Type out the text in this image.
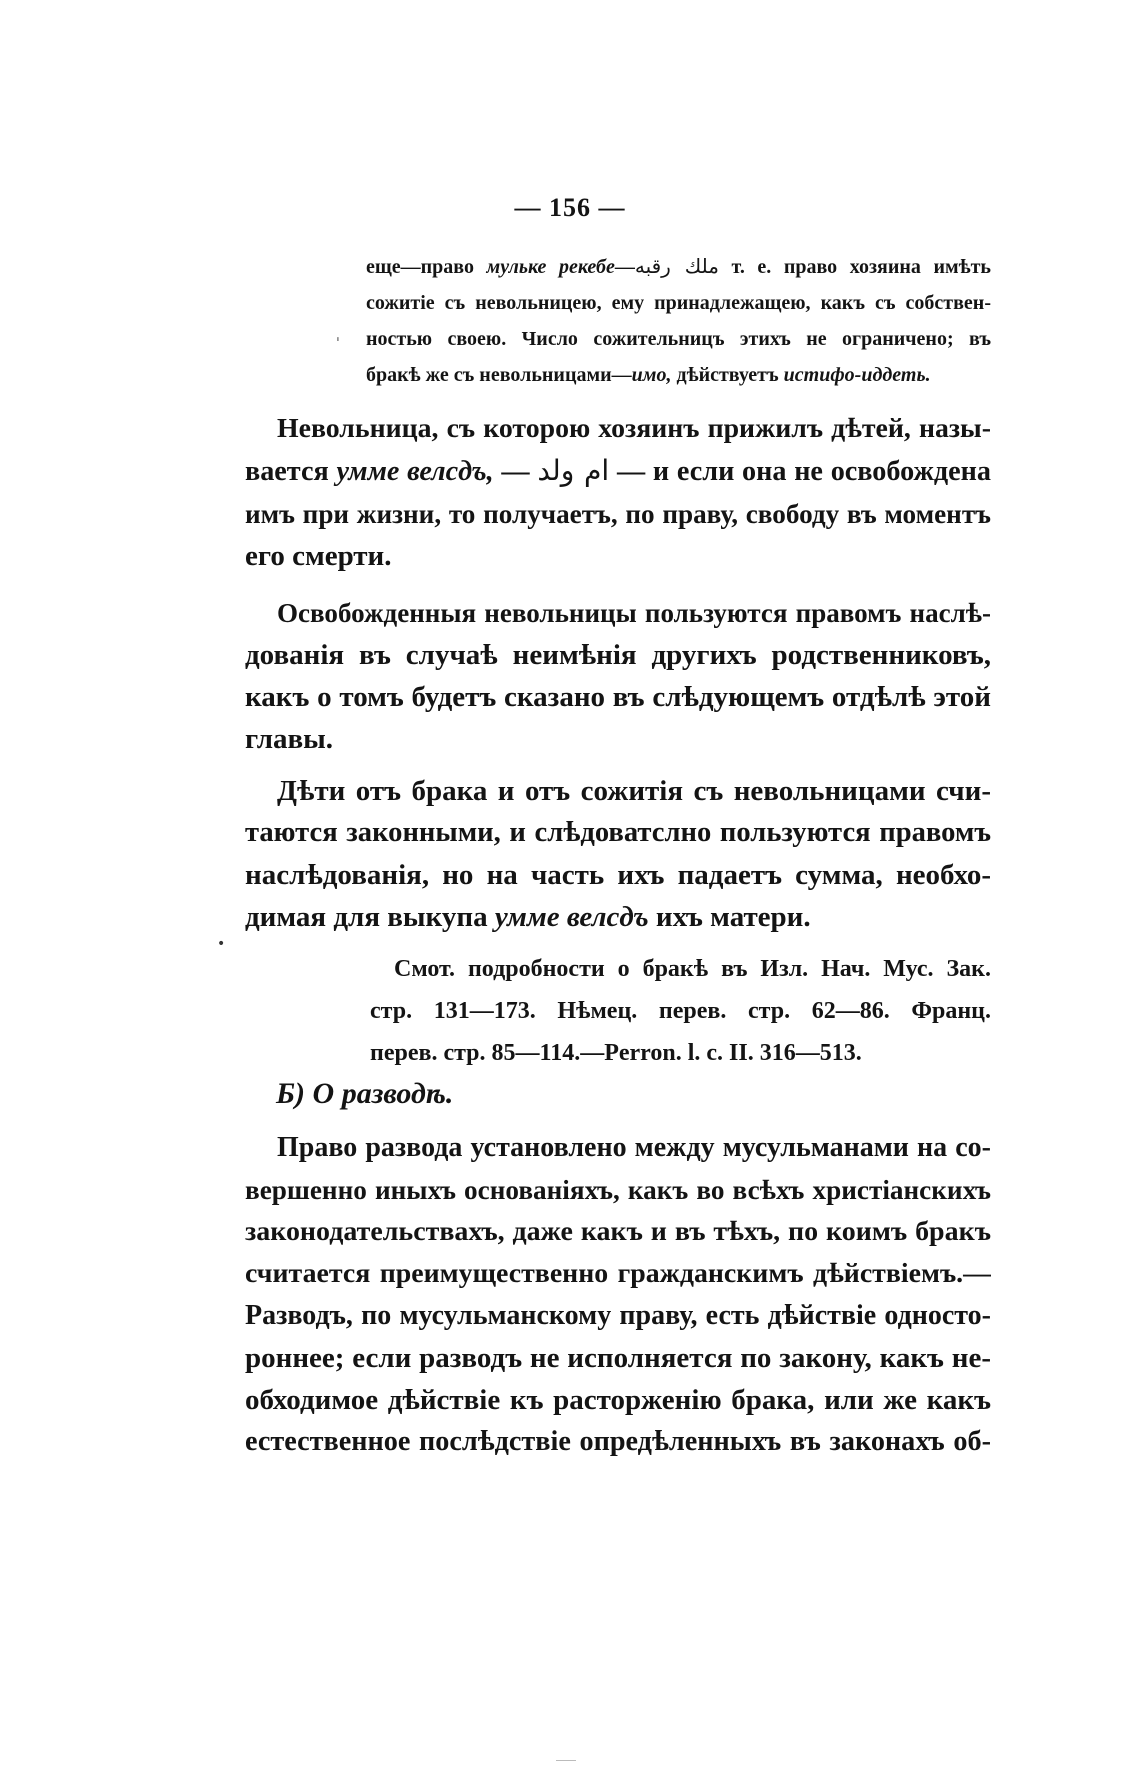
— 156 —
еще—право мульке рекебе—ملك رقبه т. е. право хозяина имѣть
сожитіе съ невольницею, ему принадлежащею, какъ съ собствен-
ностью своею. Число сожительницъ этихъ не ограничено; въ
бракѣ же съ невольницами—имо, дѣйствуетъ истифо-иддеть.
Невольница, съ которою хозяинъ прижилъ дѣтей, назы-
вается умме велсдъ, — ام ولد — и если она не освобождена
имъ при жизни, то получаетъ, по праву, свободу въ моментъ
его смерти.
Освобожденныя невольницы пользуются правомъ наслѣ-
дованія въ случаѣ неимѣнія другихъ родственниковъ,
какъ о томъ будетъ сказано въ слѣдующемъ отдѣлѣ этой
главы.
Дѣти отъ брака и отъ сожитія съ невольницами счи-
таются законными, и слѣдоватслно пользуются правомъ
наслѣдованія, но на часть ихъ падаетъ сумма, необхо-
димая для выкупа умме велсдъ ихъ матери.
Смот. подробности о бракѣ въ Изл. Нач. Мус. Зак.
стр. 131—173. Нѣмец. перев. стр. 62—86. Франц.
перев. стр. 85—114.—Perron. l. c. II. 316—513.
Б) О разводѣ.
Право развода установлено между мусульманами на со-
вершенно иныхъ основаніяхъ, какъ во всѣхъ христіанскихъ
законодательствахъ, даже какъ и въ тѣхъ, по коимъ бракъ
считается преимущественно гражданскимъ дѣйствіемъ.—
Разводъ, по мусульманскому праву, есть дѣйствіе односто-
роннее; если разводъ не исполняется по закону, какъ не-
обходимое дѣйствіе къ расторженію брака, или же какъ
естественное послѣдствіе опредѣленныхъ въ законахъ об-
ˈ
•
